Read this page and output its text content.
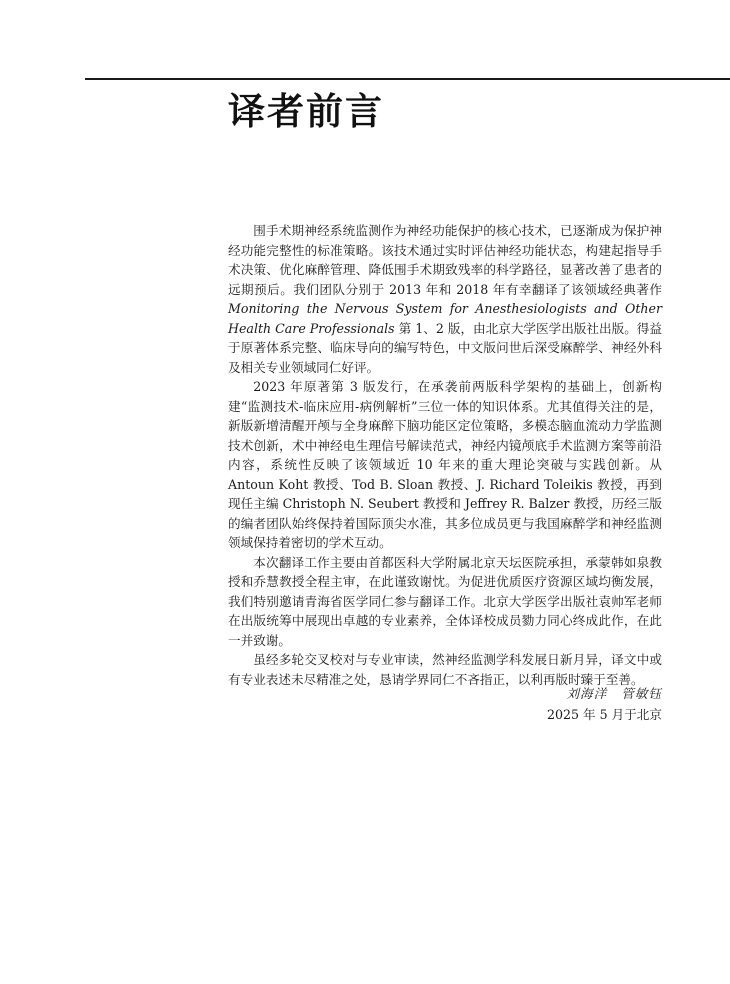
译者前言

围手术期神经系统监测作为神经功能保护的核心技术，已逐渐成为保护神经功能完整性的标准策略。该技术通过实时评估神经功能状态，构建起指导手术决策、优化麻醉管理、降低围手术期致残率的科学路径，显著改善了患者的远期预后。我们团队分别于 2013 年和 2018 年有幸翻译了该领域经典著作 Monitoring the Nervous System for Anesthesiologists and Other Health Care Professionals 第 1、2 版，由北京大学医学出版社出版。得益于原著体系完整、临床导向的编写特色，中文版问世后深受麻醉学、神经外科及相关专业领域同仁好评。

2023 年原著第 3 版发行，在承袭前两版科学架构的基础上，创新构建“监测技术-临床应用-病例解析”三位一体的知识体系。尤其值得关注的是，新版新增清醒开颅与全身麻醉下脑功能区定位策略，多模态脑血流动力学监测技术创新，术中神经电生理信号解读范式，神经内镜颅底手术监测方案等前沿内容，系统性反映了该领域近 10 年来的重大理论突破与实践创新。从 Antoun Koht 教授、Tod B. Sloan 教授、J. Richard Toleikis 教授，再到现任主编 Christoph N. Seubert 教授和 Jeffrey R. Balzer 教授，历经三版的编者团队始终保持着国际顶尖水准，其多位成员更与我国麻醉学和神经监测领域保持着密切的学术互动。

本次翻译工作主要由首都医科大学附属北京天坛医院承担，承蒙韩如泉教授和乔慧教授全程主审，在此谨致谢忱。为促进优质医疗资源区域均衡发展，我们特别邀请青海省医学同仁参与翻译工作。北京大学医学出版社袁帅军老师在出版统筹中展现出卓越的专业素养，全体译校成员勠力同心终成此作，在此一并致谢。

虽经多轮交叉校对与专业审读，然神经监测学科发展日新月异，译文中或有专业表述未尽精准之处，恳请学界同仁不吝指正，以利再版时臻于至善。

刘海洋 管敏钰
2025 年 5 月于北京
